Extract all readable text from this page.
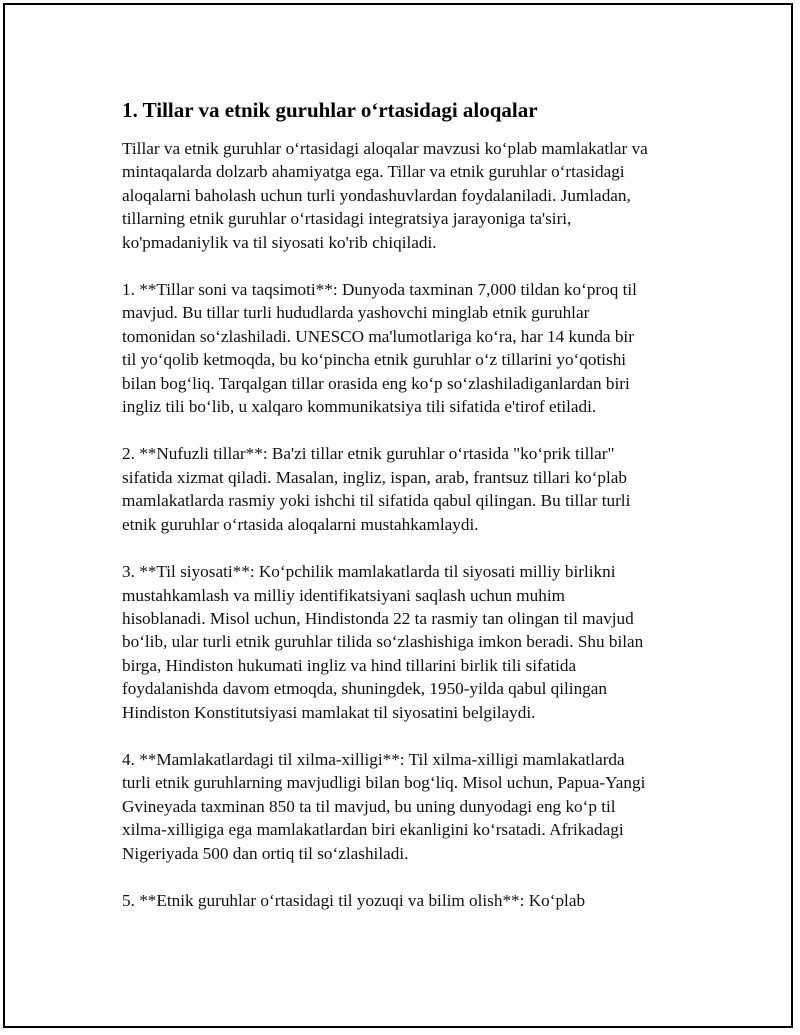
1. Tillar va etnik guruhlar oʻrtasidagi aloqalar

Tillar va etnik guruhlar oʻrtasidagi aloqalar mavzusi koʻplab mamlakatlar va
mintaqalarda dolzarb ahamiyatga ega. Tillar va etnik guruhlar oʻrtasidagi
aloqalarni baholash uchun turli yondashuvlardan foydalaniladi. Jumladan,
tillarning etnik guruhlar oʻrtasidagi integratsiya jarayoniga ta'siri,
ko'pmadaniylik va til siyosati ko'rib chiqiladi.

1. **Tillar soni va taqsimoti**: Dunyoda taxminan 7,000 tildan koʻproq til
mavjud. Bu tillar turli hududlarda yashovchi minglab etnik guruhlar
tomonidan soʻzlashiladi. UNESCO ma'lumotlariga koʻra, har 14 kunda bir
til yoʻqolib ketmoqda, bu koʻpincha etnik guruhlar oʻz tillarini yoʻqotishi
bilan bogʻliq. Tarqalgan tillar orasida eng koʻp soʻzlashiladiganlardan biri
ingliz tili boʻlib, u xalqaro kommunikatsiya tili sifatida e'tirof etiladi.

2. **Nufuzli tillar**: Ba'zi tillar etnik guruhlar oʻrtasida "koʻprik tillar"
sifatida xizmat qiladi. Masalan, ingliz, ispan, arab, frantsuz tillari koʻplab
mamlakatlarda rasmiy yoki ishchi til sifatida qabul qilingan. Bu tillar turli
etnik guruhlar oʻrtasida aloqalarni mustahkamlaydi.

3. **Til siyosati**: Koʻpchilik mamlakatlarda til siyosati milliy birlikni
mustahkamlash va milliy identifikatsiyani saqlash uchun muhim
hisoblanadi. Misol uchun, Hindistonda 22 ta rasmiy tan olingan til mavjud
boʻlib, ular turli etnik guruhlar tilida soʻzlashishiga imkon beradi. Shu bilan
birga, Hindiston hukumati ingliz va hind tillarini birlik tili sifatida
foydalanishda davom etmoqda, shuningdek, 1950-yilda qabul qilingan
Hindiston Konstitutsiyasi mamlakat til siyosatini belgilaydi.

4. **Mamlakatlardagi til xilma-xilligi**: Til xilma-xilligi mamlakatlarda
turli etnik guruhlarning mavjudligi bilan bogʻliq. Misol uchun, Papua-Yangi
Gvineyada taxminan 850 ta til mavjud, bu uning dunyodagi eng koʻp til
xilma-xilligiga ega mamlakatlardan biri ekanligini koʻrsatadi. Afrikadagi
Nigeriyada 500 dan ortiq til soʻzlashiladi.

5. **Etnik guruhlar oʻrtasidagi til yozuqi va bilim olish**: Koʻplab
